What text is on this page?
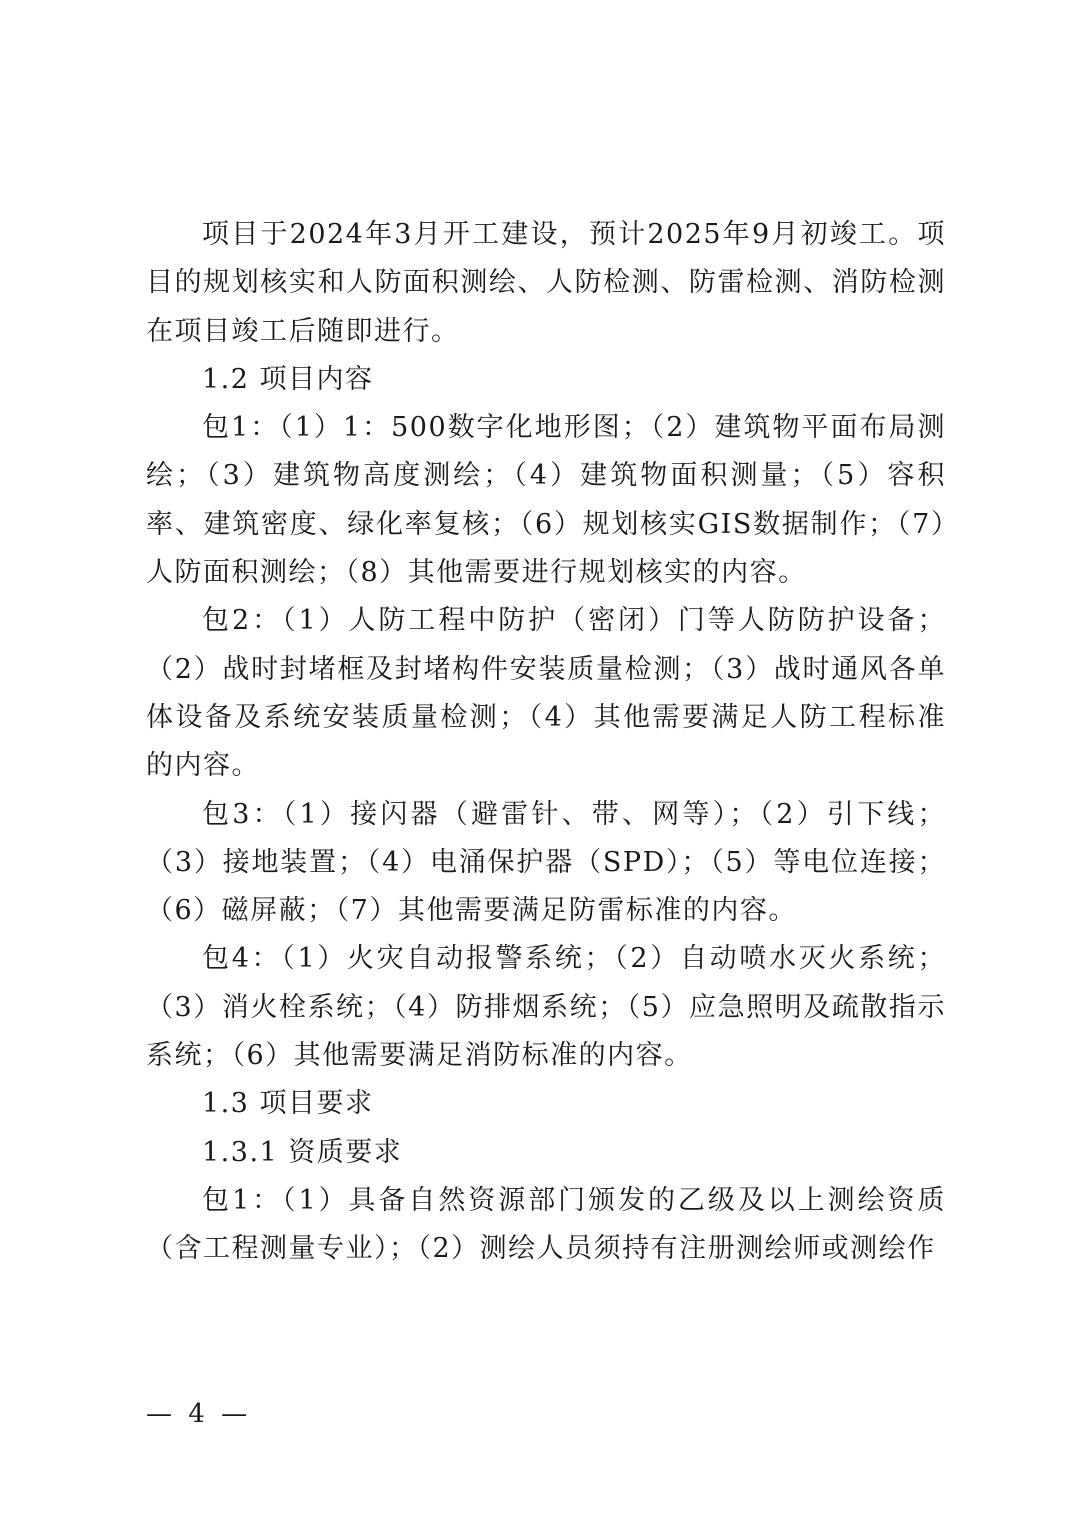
项目于2024年3月开工建设，预计2025年9月初竣工。项目的规划核实和人防面积测绘、人防检测、防雷检测、消防检测在项目竣工后随即进行。

1.2 项目内容

包1：（1）1：500数字化地形图；（2）建筑物平面布局测绘；（3）建筑物高度测绘；（4）建筑物面积测量；（5）容积率、建筑密度、绿化率复核；（6）规划核实GIS数据制作；（7）人防面积测绘；（8）其他需要进行规划核实的内容。

包2：（1）人防工程中防护（密闭）门等人防防护设备；（2）战时封堵框及封堵构件安装质量检测；（3）战时通风各单体设备及系统安装质量检测；（4）其他需要满足人防工程标准的内容。

包3：（1）接闪器（避雷针、带、网等）；（2）引下线；（3）接地装置；（4）电涌保护器（SPD）；（5）等电位连接；（6）磁屏蔽；（7）其他需要满足防雷标准的内容。

包4：（1）火灾自动报警系统；（2）自动喷水灭火系统；（3）消火栓系统；（4）防排烟系统；（5）应急照明及疏散指示系统；（6）其他需要满足消防标准的内容。

1.3 项目要求

1.3.1 资质要求

包1：（1）具备自然资源部门颁发的乙级及以上测绘资质（含工程测量专业）；（2）测绘人员须持有注册测绘师或测绘作

— 4 —
